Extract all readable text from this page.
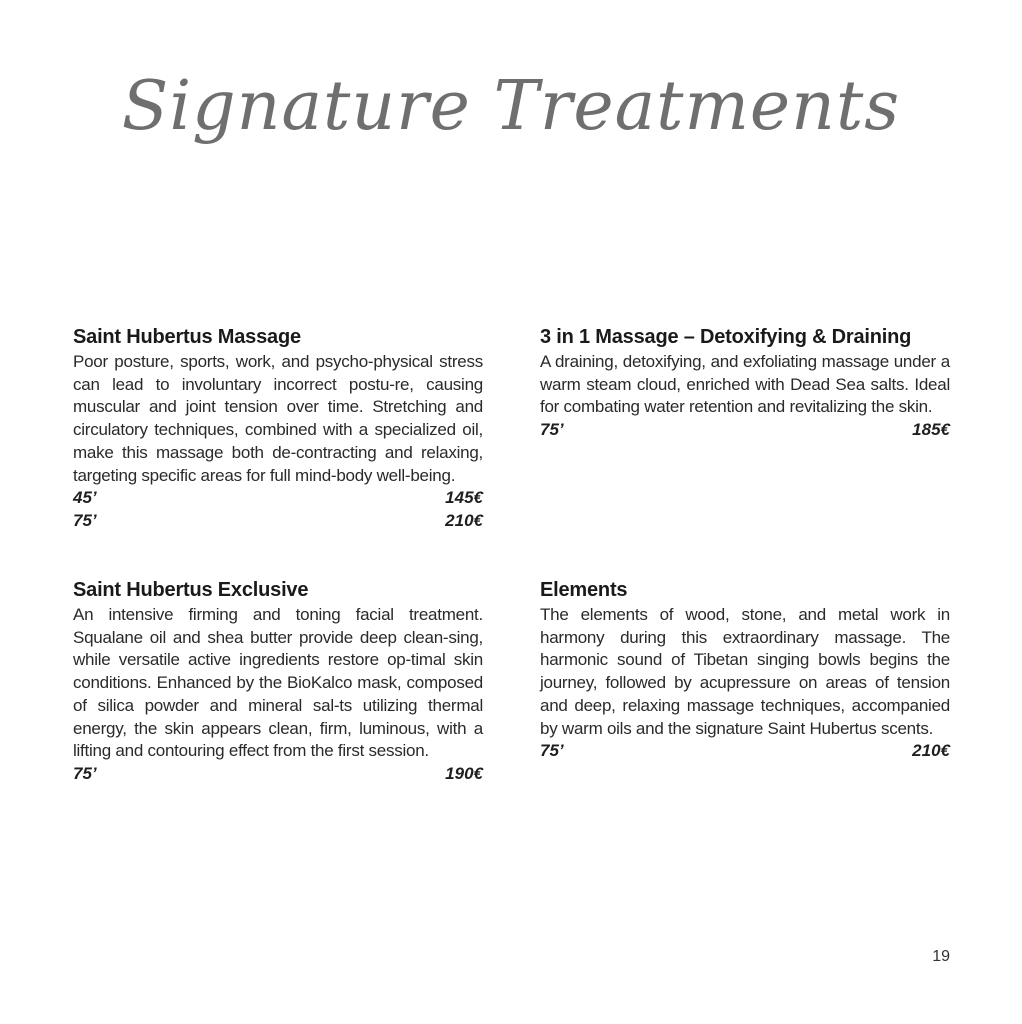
Signature Treatments
Saint Hubertus Massage

Poor posture, sports, work, and psycho-physical stress can lead to involuntary incorrect postu-re, causing muscular and joint tension over time. Stretching and circulatory techniques, combined with a specialized oil, make this massage both de-contracting and relaxing, targeting specific areas for full mind-body well-being.

45’	145€
75’	210€
3 in 1 Massage – Detoxifying & Draining

A draining, detoxifying, and exfoliating massage under a warm steam cloud, enriched with Dead Sea salts. Ideal for combating water retention and revitalizing the skin.

75’	185€
Saint Hubertus Exclusive

An intensive firming and toning facial treatment. Squalane oil and shea butter provide deep clean-sing, while versatile active ingredients restore op-timal skin conditions. Enhanced by the BioKalco mask, composed of silica powder and mineral sal-ts utilizing thermal energy, the skin appears clean, firm, luminous, with a lifting and contouring effect from the first session.

75’	190€
Elements

The elements of wood, stone, and metal work in harmony during this extraordinary massage. The harmonic sound of Tibetan singing bowls begins the journey, followed by acupressure on areas of tension and deep, relaxing massage techniques, accompanied by warm oils and the signature Saint Hubertus scents.

75’	210€
19
